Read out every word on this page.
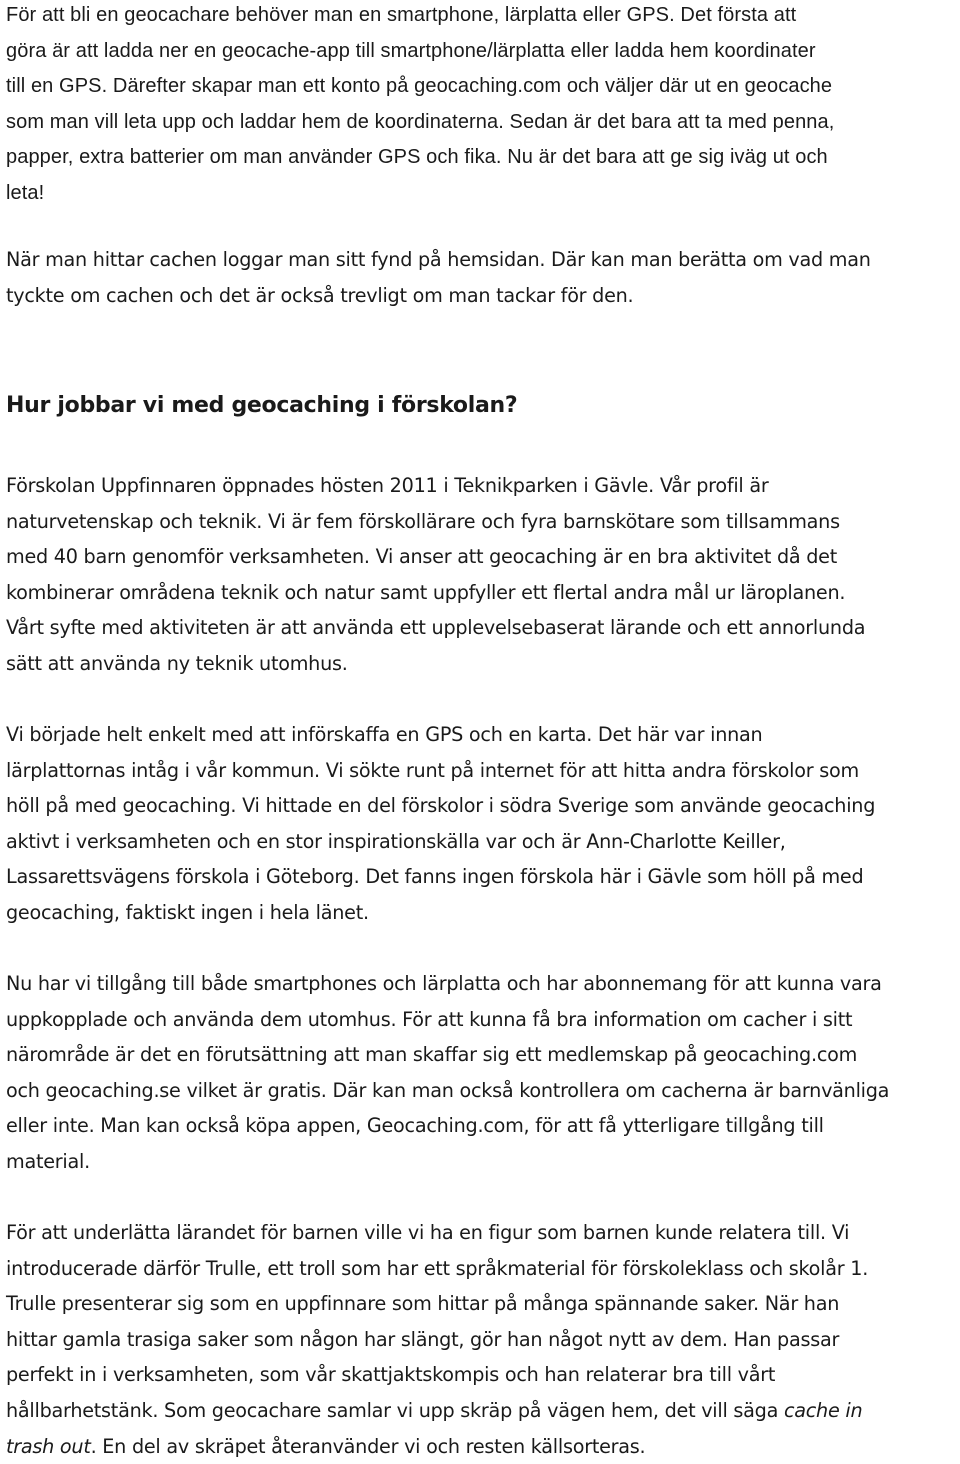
För att bli en geocachare behöver man en smartphone, lärplatta eller GPS. Det första att
göra är att ladda ner en geocache-app till smartphone/lärplatta eller ladda hem koordinater
till en GPS. Därefter skapar man ett konto på geocaching.com och väljer där ut en geocache
som man vill leta upp och laddar hem de koordinaterna. Sedan är det bara att ta med penna,
papper, extra batterier om man använder GPS och fika. Nu är det bara att ge sig iväg ut och
leta!
När man hittar cachen loggar man sitt fynd på hemsidan. Där kan man berätta om vad man
tyckte om cachen och det är också trevligt om man tackar för den.
Hur jobbar vi med geocaching i förskolan?
Förskolan Uppfinnaren öppnades hösten 2011 i Teknikparken i Gävle. Vår profil är
naturvetenskap och teknik. Vi är fem förskollärare och fyra barnskötare som tillsammans
med 40 barn genomför verksamheten. Vi anser att geocaching är en bra aktivitet då det
kombinerar områdena teknik och natur samt uppfyller ett flertal andra mål ur läroplanen.
Vårt syfte med aktiviteten är att använda ett upplevelsebaserat lärande och ett annorlunda
sätt att använda ny teknik utomhus.
Vi började helt enkelt med att införskaffa en GPS och en karta. Det här var innan
lärplattornas intåg i vår kommun. Vi sökte runt på internet för att hitta andra förskolor som
höll på med geocaching. Vi hittade en del förskolor i södra Sverige som använde geocaching
aktivt i verksamheten och en stor inspirationskälla var och är Ann-Charlotte Keiller,
Lassarettsvägens förskola i Göteborg. Det fanns ingen förskola här i Gävle som höll på med
geocaching, faktiskt ingen i hela länet.
Nu har vi tillgång till både smartphones och lärplatta och har abonnemang för att kunna vara
uppkopplade och använda dem utomhus. För att kunna få bra information om cacher i sitt
närområde är det en förutsättning att man skaffar sig ett medlemskap på geocaching.com
och geocaching.se vilket är gratis. Där kan man också kontrollera om cacherna är barnvänliga
eller inte. Man kan också köpa appen, Geocaching.com, för att få ytterligare tillgång till
material.
För att underlätta lärandet för barnen ville vi ha en figur som barnen kunde relatera till. Vi
introducerade därför Trulle, ett troll som har ett språkmaterial för förskoleklass och skolår 1.
Trulle presenterar sig som en uppfinnare som hittar på många spännande saker. När han
hittar gamla trasiga saker som någon har slängt, gör han något nytt av dem. Han passar
perfekt in i verksamheten, som vår skattjaktskompis och han relaterar bra till vårt
hållbarhetstänk. Som geocachare samlar vi upp skräp på vägen hem, det vill säga cache in
trash out. En del av skräpet återanvänder vi och resten källsorteras.
